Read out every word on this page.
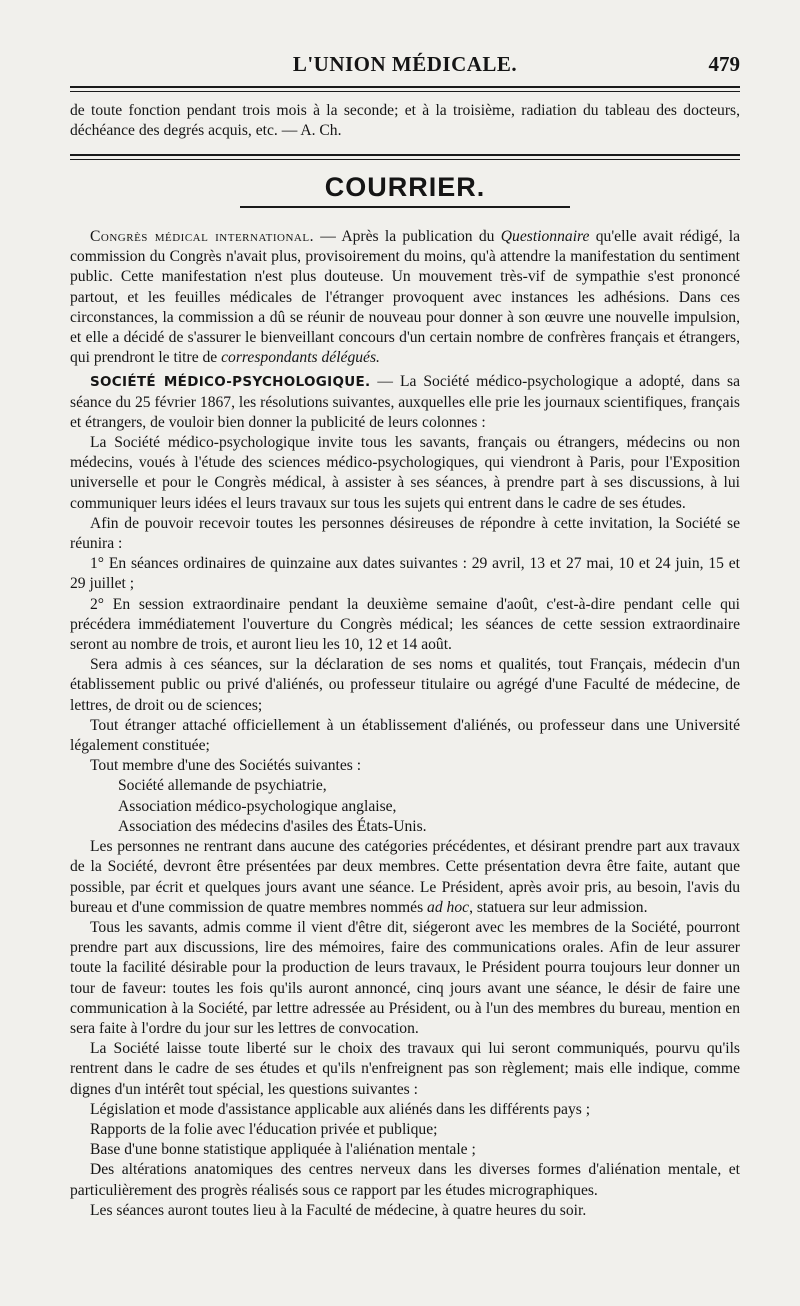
L'UNION MÉDICALE.	479

de toute fonction pendant trois mois à la seconde; et à la troisième, radiation du tableau des docteurs, déchéance des degrés acquis, etc. — A. Ch.

COURRIER.

Congrès médical international. — Après la publication du Questionnaire qu'elle avait rédigé, la commission du Congrès n'avait plus, provisoirement du moins, qu'à attendre la manifestation du sentiment public. Cette manifestation n'est plus douteuse. Un mouvement très-vif de sympathie s'est prononcé partout, et les feuilles médicales de l'étranger provoquent avec instances les adhésions. Dans ces circonstances, la commission a dû se réunir de nouveau pour donner à son œuvre une nouvelle impulsion, et elle a décidé de s'assurer le bienveillant concours d'un certain nombre de confrères français et étrangers, qui prendront le titre de correspondants délégués.

SOCIÉTÉ MÉDICO-PSYCHOLOGIQUE. — La Société médico-psychologique a adopté, dans sa séance du 25 février 1867, les résolutions suivantes, auxquelles elle prie les journaux scientifiques, français et étrangers, de vouloir bien donner la publicité de leurs colonnes :

La Société médico-psychologique invite tous les savants, français ou étrangers, médecins ou non médecins, voués à l'étude des sciences médico-psychologiques, qui viendront à Paris, pour l'Exposition universelle et pour le Congrès médical, à assister à ses séances, à prendre part à ses discussions, à lui communiquer leurs idées el leurs travaux sur tous les sujets qui entrent dans le cadre de ses études.

Afin de pouvoir recevoir toutes les personnes désireuses de répondre à cette invitation, la Société se réunira :

1° En séances ordinaires de quinzaine aux dates suivantes : 29 avril, 13 et 27 mai, 10 et 24 juin, 15 et 29 juillet ;

2° En session extraordinaire pendant la deuxième semaine d'août, c'est-à-dire pendant celle qui précédera immédiatement l'ouverture du Congrès médical; les séances de cette session extraordinaire seront au nombre de trois, et auront lieu les 10, 12 et 14 août.

Sera admis à ces séances, sur la déclaration de ses noms et qualités, tout Français, médecin d'un établissement public ou privé d'aliénés, ou professeur titulaire ou agrégé d'une Faculté de médecine, de lettres, de droit ou de sciences;

Tout étranger attaché officiellement à un établissement d'aliénés, ou professeur dans une Université légalement constituée;

Tout membre d'une des Sociétés suivantes :

Société allemande de psychiatrie,

Association médico-psychologique anglaise,

Association des médecins d'asiles des États-Unis.

Les personnes ne rentrant dans aucune des catégories précédentes, et désirant prendre part aux travaux de la Société, devront être présentées par deux membres. Cette présentation devra être faite, autant que possible, par écrit et quelques jours avant une séance. Le Président, après avoir pris, au besoin, l'avis du bureau et d'une commission de quatre membres nommés ad hoc, statuera sur leur admission.

Tous les savants, admis comme il vient d'être dit, siégeront avec les membres de la Société, pourront prendre part aux discussions, lire des mémoires, faire des communications orales. Afin de leur assurer toute la facilité désirable pour la production de leurs travaux, le Président pourra toujours leur donner un tour de faveur: toutes les fois qu'ils auront annoncé, cinq jours avant une séance, le désir de faire une communication à la Société, par lettre adressée au Président, ou à l'un des membres du bureau, mention en sera faite à l'ordre du jour sur les lettres de convocation.

La Société laisse toute liberté sur le choix des travaux qui lui seront communiqués, pourvu qu'ils rentrent dans le cadre de ses études et qu'ils n'enfreignent pas son règlement; mais elle indique, comme dignes d'un intérêt tout spécial, les questions suivantes :

Législation et mode d'assistance applicable aux aliénés dans les différents pays ;

Rapports de la folie avec l'éducation privée et publique;

Base d'une bonne statistique appliquée à l'aliénation mentale ;

Des altérations anatomiques des centres nerveux dans les diverses formes d'aliénation mentale, et particulièrement des progrès réalisés sous ce rapport par les études micrographiques.

Les séances auront toutes lieu à la Faculté de médecine, à quatre heures du soir.
